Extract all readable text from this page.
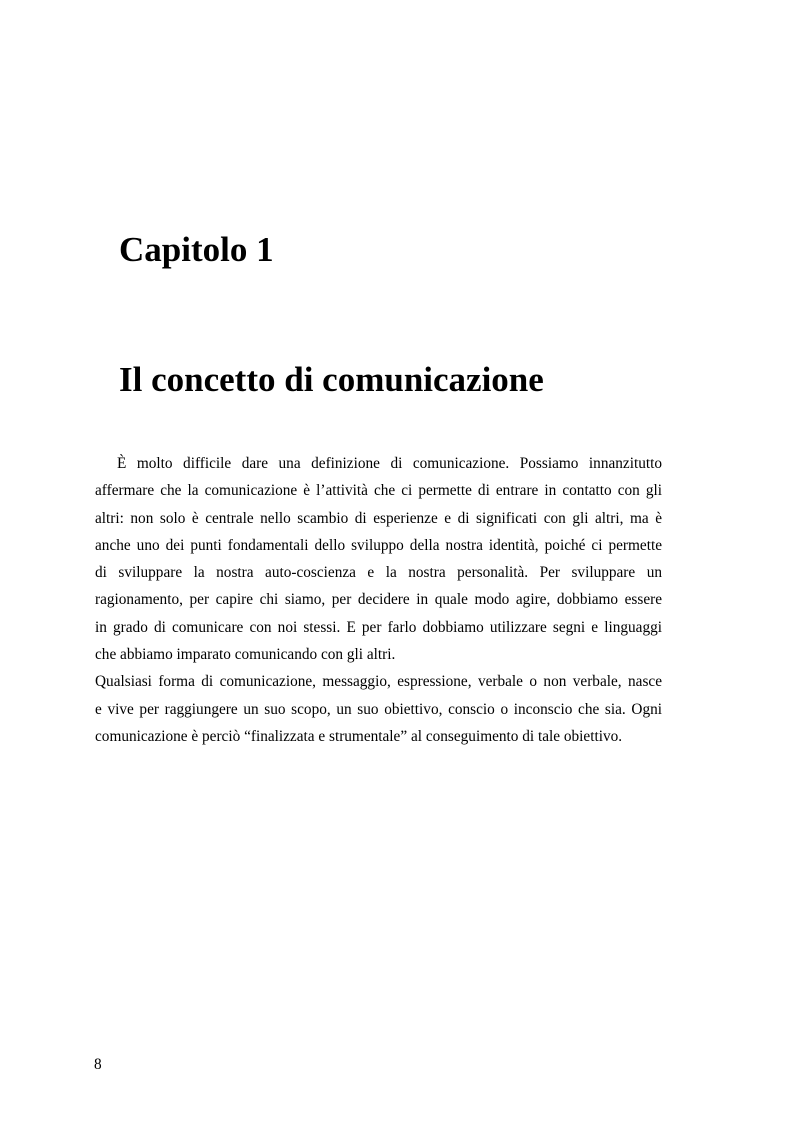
Capitolo 1
Il concetto di comunicazione
È molto difficile dare una definizione di comunicazione. Possiamo innanzitutto
affermare che la comunicazione è l’attività che ci permette di entrare in contatto con gli
altri: non solo è centrale nello scambio di esperienze e di significati con gli altri, ma è
anche uno dei punti fondamentali dello sviluppo della nostra identità, poiché ci permette
di sviluppare la nostra auto-coscienza e la nostra personalità. Per sviluppare un
ragionamento, per capire chi siamo, per decidere in quale modo agire, dobbiamo essere
in grado di comunicare con noi stessi. E per farlo dobbiamo utilizzare segni e linguaggi
che abbiamo imparato comunicando con gli altri.
Qualsiasi forma di comunicazione, messaggio, espressione, verbale o non verbale, nasce
e vive per raggiungere un suo scopo, un suo obiettivo, conscio o inconscio che sia. Ogni
comunicazione è perciò “finalizzata e strumentale” al conseguimento di tale obiettivo.
8
